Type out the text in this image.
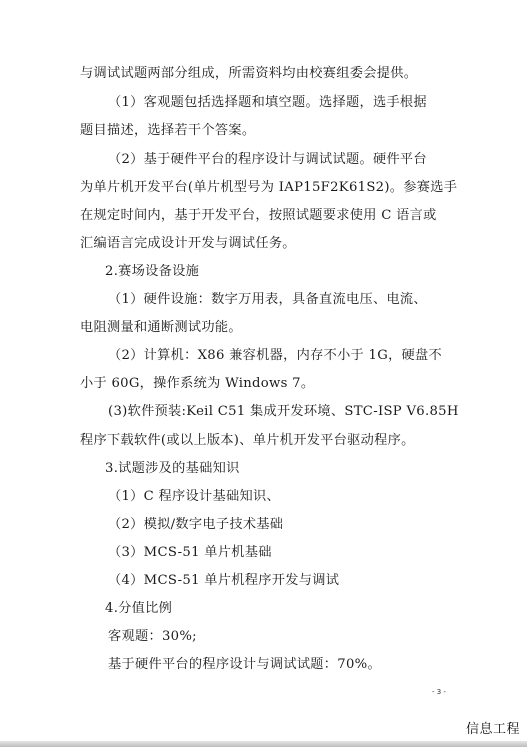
与调试试题两部分组成，所需资料均由校赛组委会提供。
（1）客观题包括选择题和填空题。选择题，选手根据
题目描述，选择若干个答案。
（2）基于硬件平台的程序设计与调试试题。硬件平台
为单片机开发平台(单片机型号为 IAP15F2K61S2)。参赛选手
在规定时间内，基于开发平台，按照试题要求使用 C 语言或
汇编语言完成设计开发与调试任务。
2.赛场设备设施
（1）硬件设施：数字万用表，具备直流电压、电流、
电阻测量和通断测试功能。
（2）计算机：X86 兼容机器，内存不小于 1G，硬盘不
小于 60G，操作系统为 Windows 7。
(3)软件预装:Keil C51 集成开发环境、STC-ISP V6.85H
程序下载软件(或以上版本)、单片机开发平台驱动程序。
3.试题涉及的基础知识
（1）C 程序设计基础知识、
（2）模拟/数字电子技术基础
（3）MCS-51 单片机基础
（4）MCS-51 单片机程序开发与调试
4.分值比例
客观题：30%;
基于硬件平台的程序设计与调试试题：70%。
- 3 -
信息工程
